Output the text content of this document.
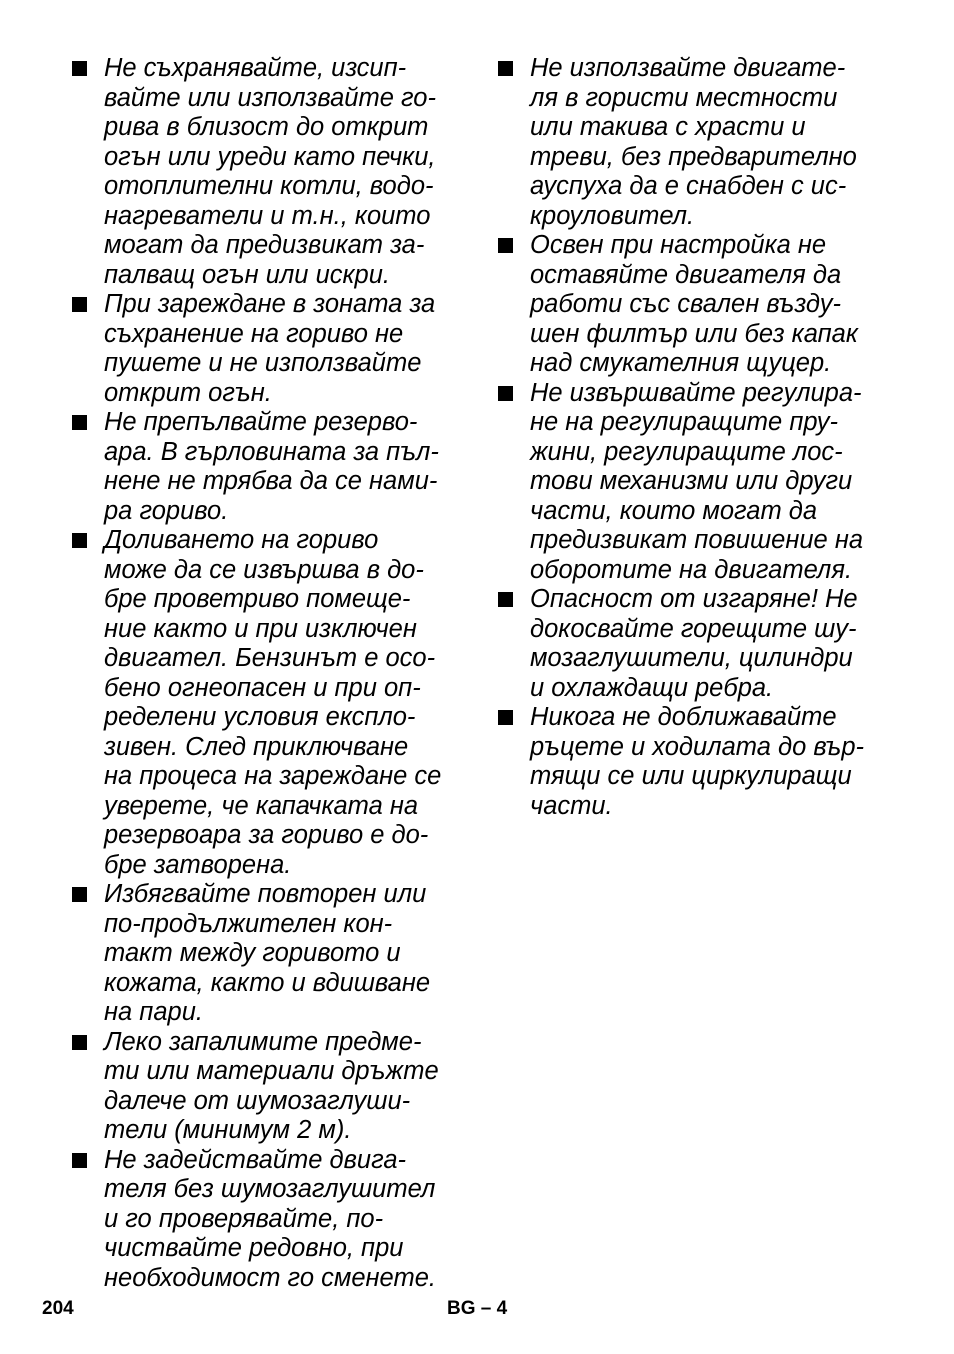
Не съхранявайте, изсип-
вайте или използвайте го-
рива в близост до открит
огън или уреди като печки,
отоплителни котли, водо-
нагреватели и т.н., които
могат да предизвикат за-
палващ огън или искри.
При зареждане в зоната за
съхранение на гориво не
пушете и не използвайте
открит огън.
Не препълвайте резерво-
ара. В гърловината за пъл-
нене не трябва да се нами-
ра гориво.
Доливането на гориво
може да се извършва в до-
бре проветриво помеще-
ние както и при изключен
двигател. Бензинът е осо-
бено огнеопасен и при оп-
ределени условия експло-
зивен. След приключване
на процеса на зареждане се
уверете, че капачката на
резервоара за гориво е до-
бре затворена.
Избягвайте повторен или
по-продължителен кон-
такт между горивото и
кожата, както и вдишване
на пари.
Леко запалимите предме-
ти или материали дръжте
далече от шумозаглуши-
тели (минимум 2 м).
Не задействайте двига-
теля без шумозаглушител
и го проверявайте, по-
чиствайте редовно, при
необходимост го сменете.
Не използвайте двигате-
ля в гористи местности
или такива с храсти и
треви, без предварително
ауспуха да е снабден с ис-
кроуловител.
Освен при настройка не
оставяйте двигателя да
работи със свален възду-
шен филтър или без капак
над смукателния щуцер.
Не извършвайте регулира-
не на регулиращите пру-
жини, регулиращите лос-
тови механизми или други
части, които могат да
предизвикат повишение на
оборотите на двигателя.
Опасност от изгаряне! Не
докосвайте горещите шу-
мозаглушители, цилиндри
и охлаждащи ребра.
Никога не доближавайте
ръцете и ходилата до вър-
тящи се или циркулиращи
части.
204	BG – 4
